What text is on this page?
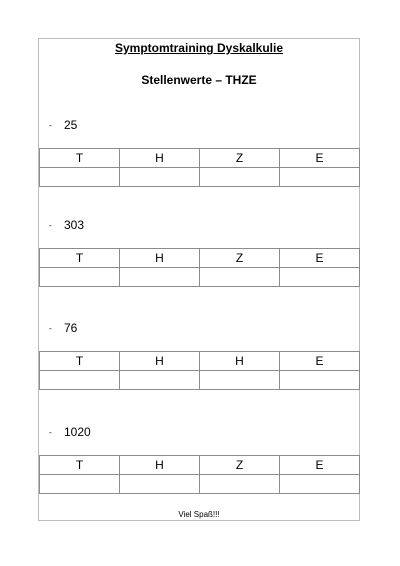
Symptomtraining Dyskalkulie
Stellenwerte – THZE
-	25
T	H	Z	E

-	303
T	H	Z	E

-	76
T	H	H	E

-	1020
T	H	Z	E

Viel Spaß!!!
